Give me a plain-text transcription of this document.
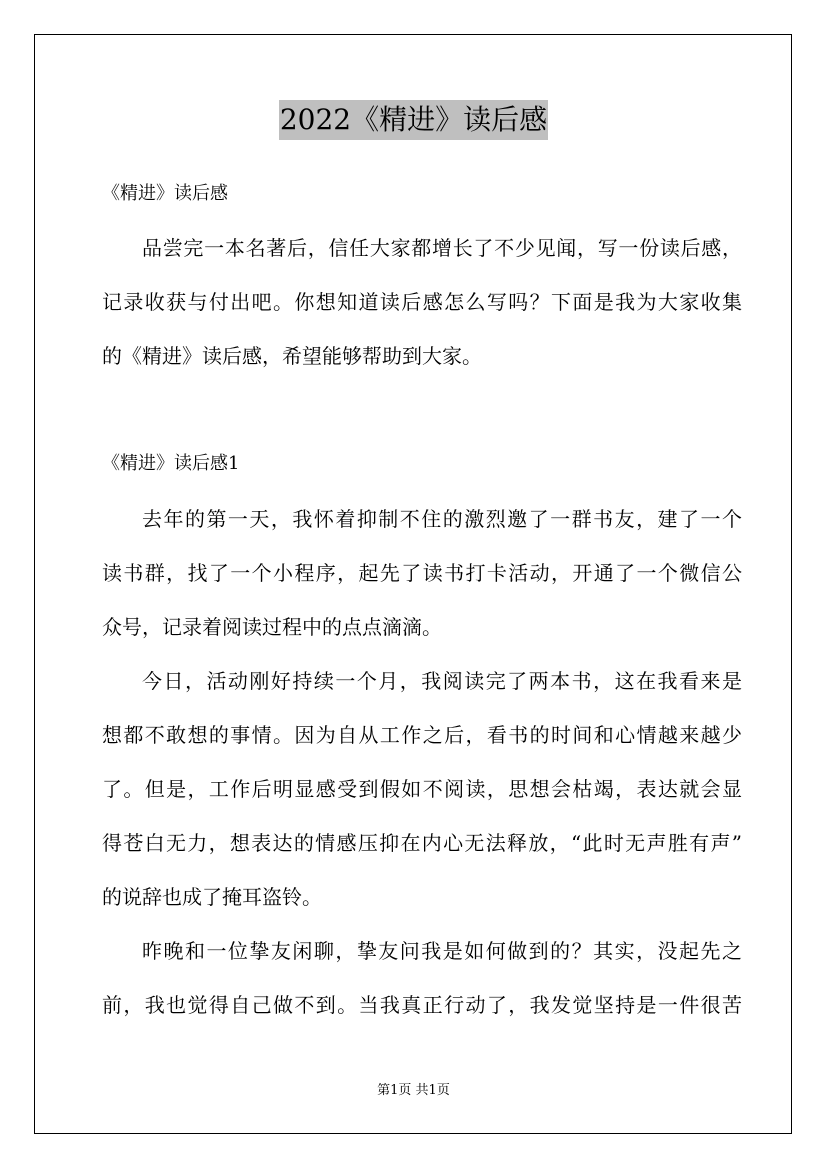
2022《精进》读后感
《精进》读后感
品尝完一本名著后，信任大家都增长了不少见闻，写一份读后感，
记录收获与付出吧。你想知道读后感怎么写吗？下面是我为大家收集
的《精进》读后感，希望能够帮助到大家。
《精进》读后感1
去年的第一天，我怀着抑制不住的激烈邀了一群书友，建了一个
读书群，找了一个小程序，起先了读书打卡活动，开通了一个微信公
众号，记录着阅读过程中的点点滴滴。
今日，活动刚好持续一个月，我阅读完了两本书，这在我看来是
想都不敢想的事情。因为自从工作之后，看书的时间和心情越来越少
了。但是，工作后明显感受到假如不阅读，思想会枯竭，表达就会显
得苍白无力，想表达的情感压抑在内心无法释放，“此时无声胜有声”
的说辞也成了掩耳盗铃。
昨晚和一位挚友闲聊，挚友问我是如何做到的？其实，没起先之
前，我也觉得自己做不到。当我真正行动了，我发觉坚持是一件很苦
第1页 共1页
